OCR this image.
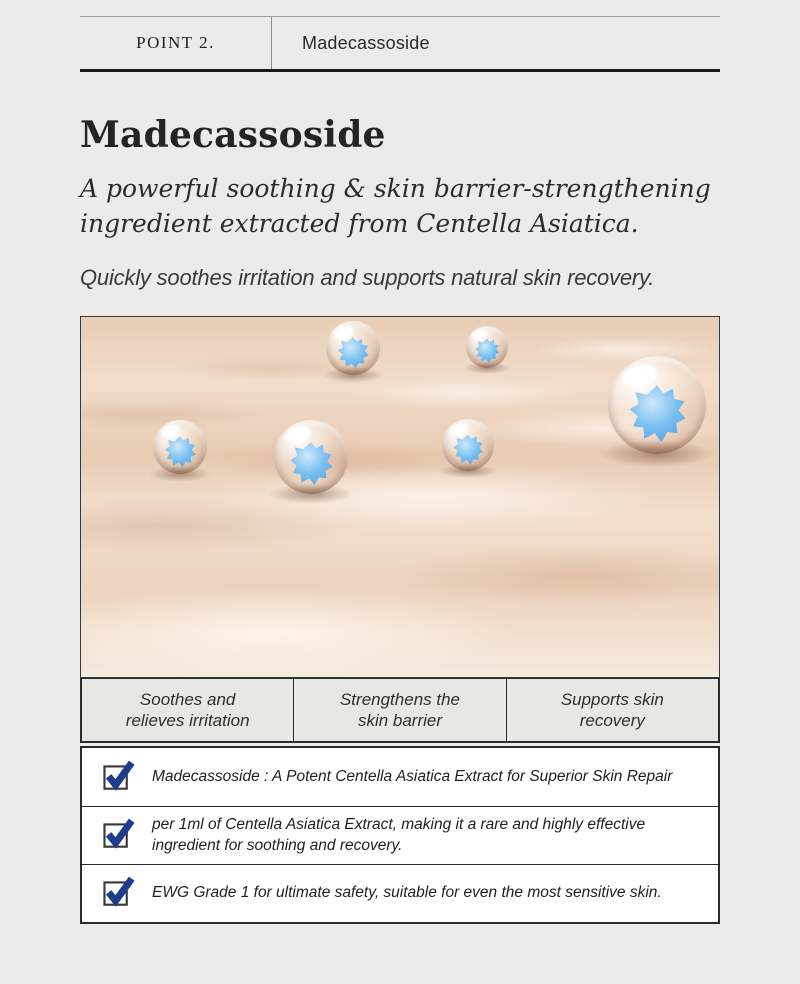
POINT 2.	Madecassoside
Madecassoside

A powerful soothing & skin barrier-strengthening
ingredient extracted from Centella Asiatica.

Quickly soothes irritation and supports natural skin recovery.

Soothes and
relieves irritation
Strengthens the
skin barrier
Supports skin
recovery
Madecassoside : A Potent Centella Asiatica Extract for Superior Skin Repair
per 1ml of Centella Asiatica Extract, making it a rare and highly effective
ingredient for soothing and recovery.
EWG Grade 1 for ultimate safety, suitable for even the most sensitive skin.
